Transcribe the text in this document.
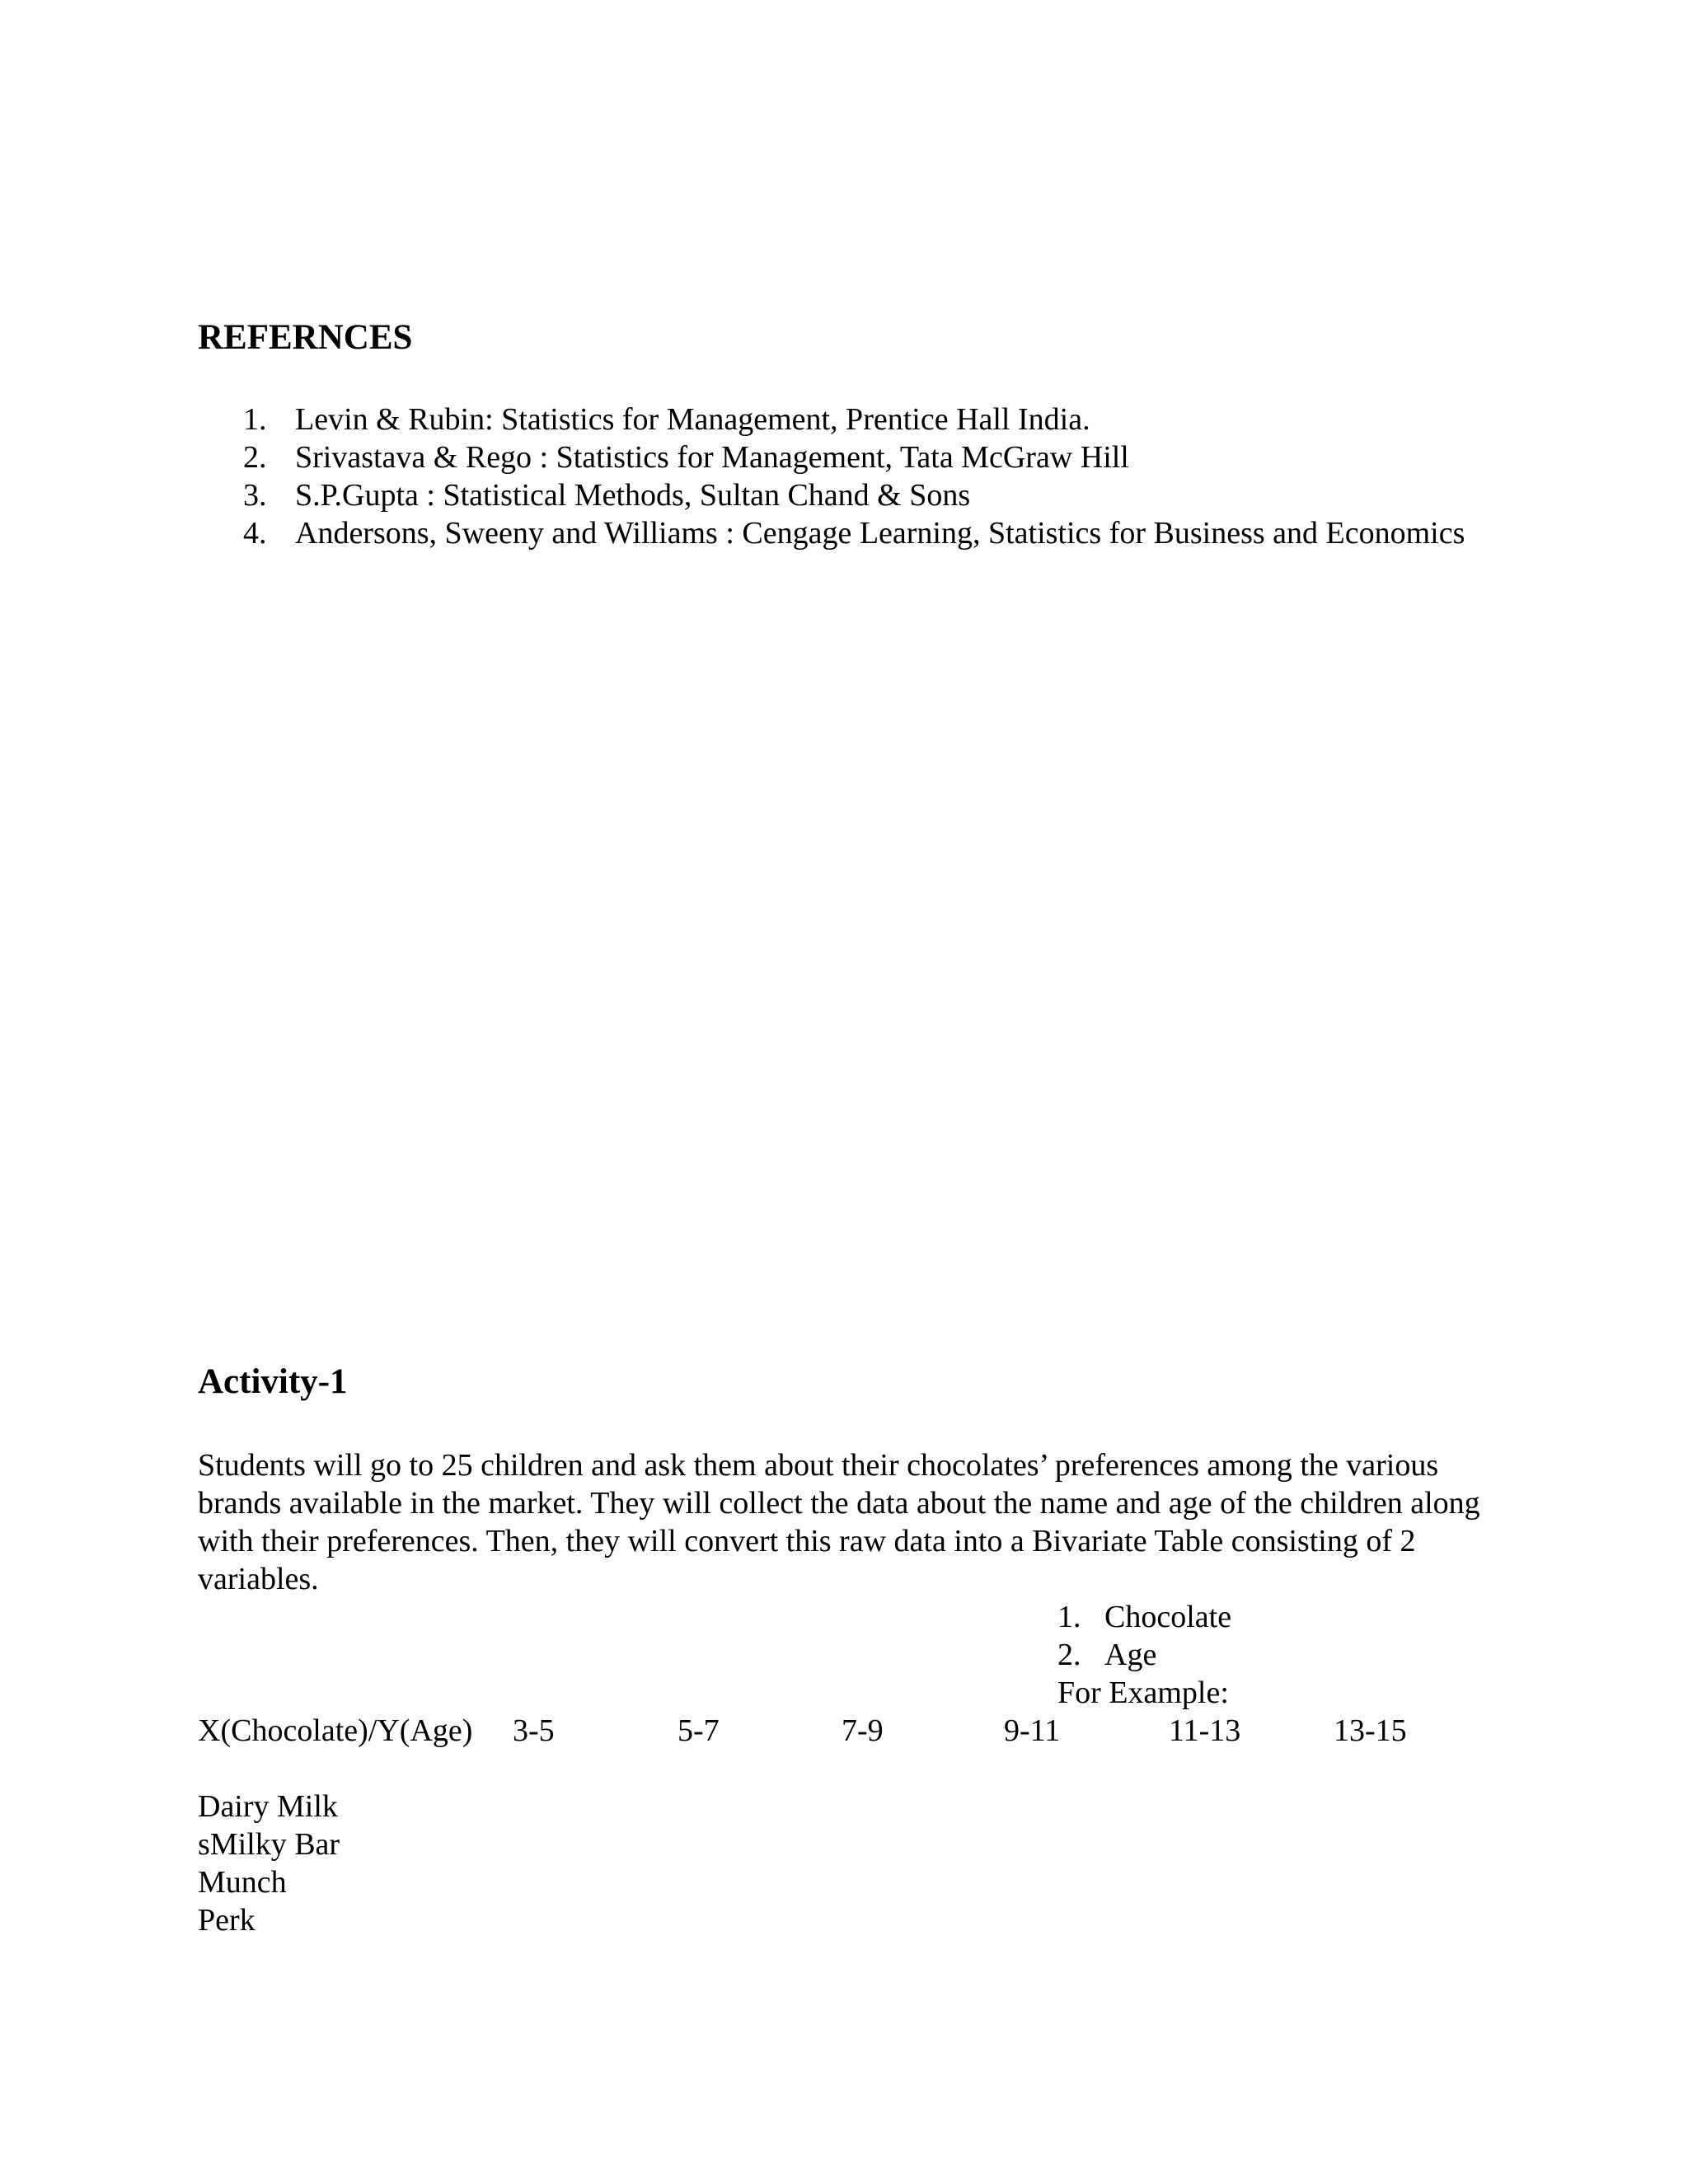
REFERNCES
1. Levin & Rubin: Statistics for Management, Prentice Hall India.
2. Srivastava & Rego : Statistics for Management, Tata McGraw Hill
3. S.P.Gupta : Statistical Methods, Sultan Chand & Sons
4. Andersons, Sweeny and Williams : Cengage Learning, Statistics for Business and Economics
Activity-1

Students will go to 25 children and ask them about their chocolates’ preferences among the various brands available in the market. They will collect the data about the name and age of the children along with their preferences. Then, they will convert this raw data into a Bivariate Table consisting of 2 variables.

1. Chocolate
2. Age

For Example:

X(Chocolate)/Y(Age)	3-5	5-7	7-9	9-11	11-13	13-15
Dairy Milk
sMilky Bar
Munch
Perk
